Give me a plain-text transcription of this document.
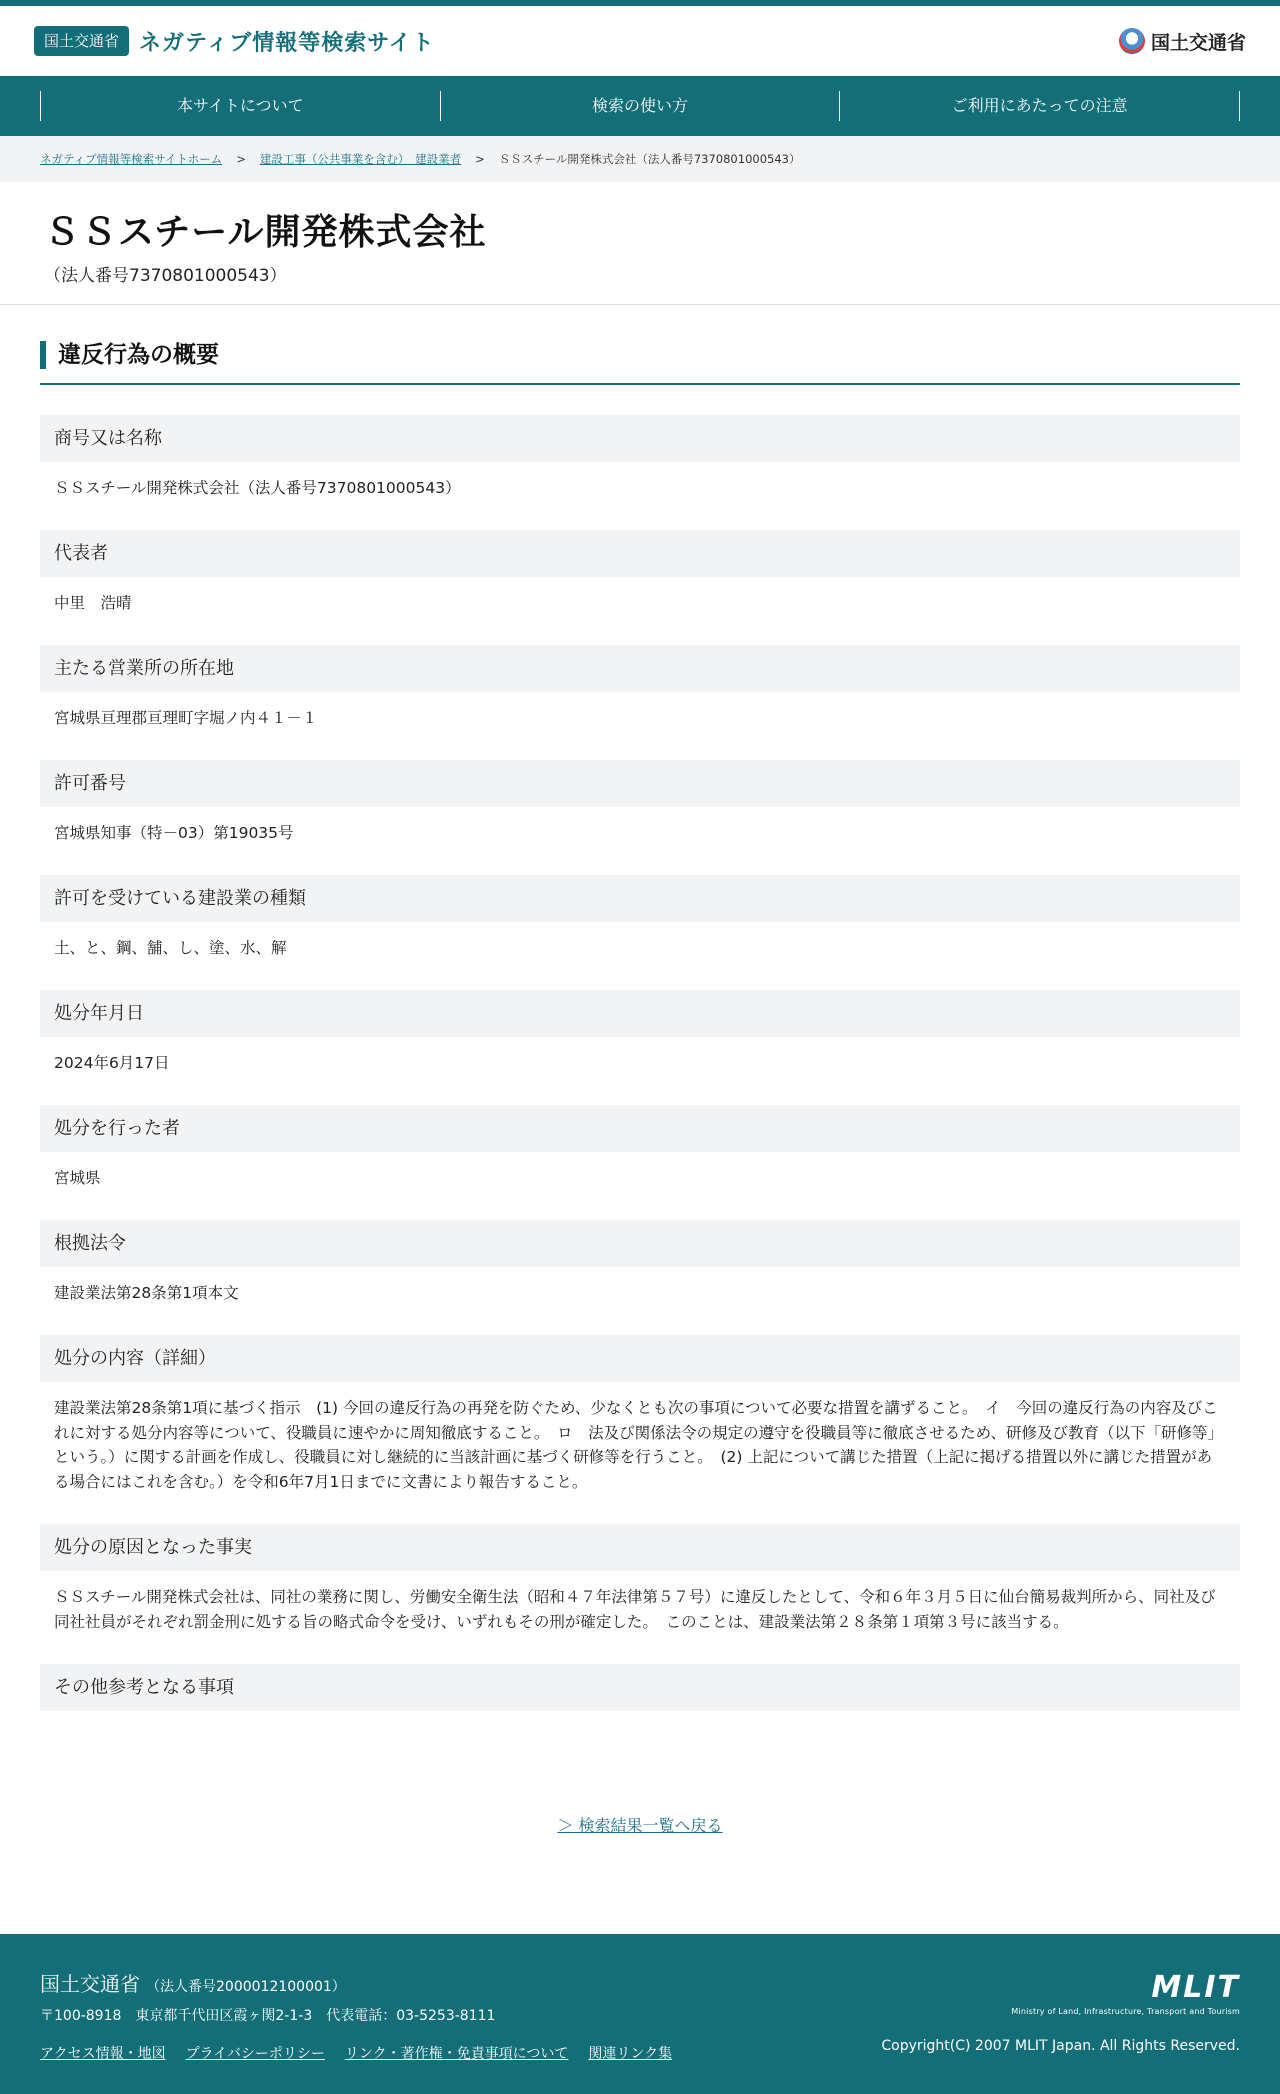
国土交通省 ネガティブ情報等検索サイト	国土交通省
本サイトについて	検索の使い方	ご利用にあたっての注意
ネガティブ情報等検索サイトホーム > 建設工事（公共事業を含む）　建設業者 > ＳＳスチール開発株式会社（法人番号7370801000543）
ＳＳスチール開発株式会社
（法人番号7370801000543）
違反行為の概要
商号又は名称
ＳＳスチール開発株式会社（法人番号7370801000543）
代表者
中里　浩晴
主たる営業所の所在地
宮城県亘理郡亘理町字堀ノ内４１－１
許可番号
宮城県知事（特－03）第19035号
許可を受けている建設業の種類
土、と、鋼、舗、し、塗、水、解
処分年月日
2024年6月17日
処分を行った者
宮城県
根拠法令
建設業法第28条第1項本文
処分の内容（詳細）
建設業法第28条第1項に基づく指示　(1) 今回の違反行為の再発を防ぐため、少なくとも次の事項について必要な措置を講ずること。　イ　今回の違反行為の内容及びこれに対する処分内容等について、役職員に速やかに周知徹底すること。　ロ　法及び関係法令の規定の遵守を役職員等に徹底させるため、研修及び教育（以下「研修等」という。）に関する計画を作成し、役職員に対し継続的に当該計画に基づく研修等を行うこと。　(2) 上記について講じた措置（上記に掲げる措置以外に講じた措置がある場合にはこれを含む。）を令和6年7月1日までに文書により報告すること。
処分の原因となった事実
ＳＳスチール開発株式会社は、同社の業務に関し、労働安全衛生法（昭和４７年法律第５７号）に違反したとして、令和６年３月５日に仙台簡易裁判所から、同社及び同社社員がそれぞれ罰金刑に処する旨の略式命令を受け、いずれもその刑が確定した。　このことは、建設業法第２８条第１項第３号に該当する。
その他参考となる事項
＞ 検索結果一覧へ戻る
国土交通省 （法人番号2000012100001）
〒100-8918　東京都千代田区霞ヶ関2-1-3　代表電話：03-5253-8111
アクセス情報・地図 プライバシーポリシー リンク・著作権・免責事項について 関連リンク集
MLIT
Ministry of Land, Infrastructure, Transport and Tourism
Copyright(C) 2007 MLIT Japan. All Rights Reserved.
